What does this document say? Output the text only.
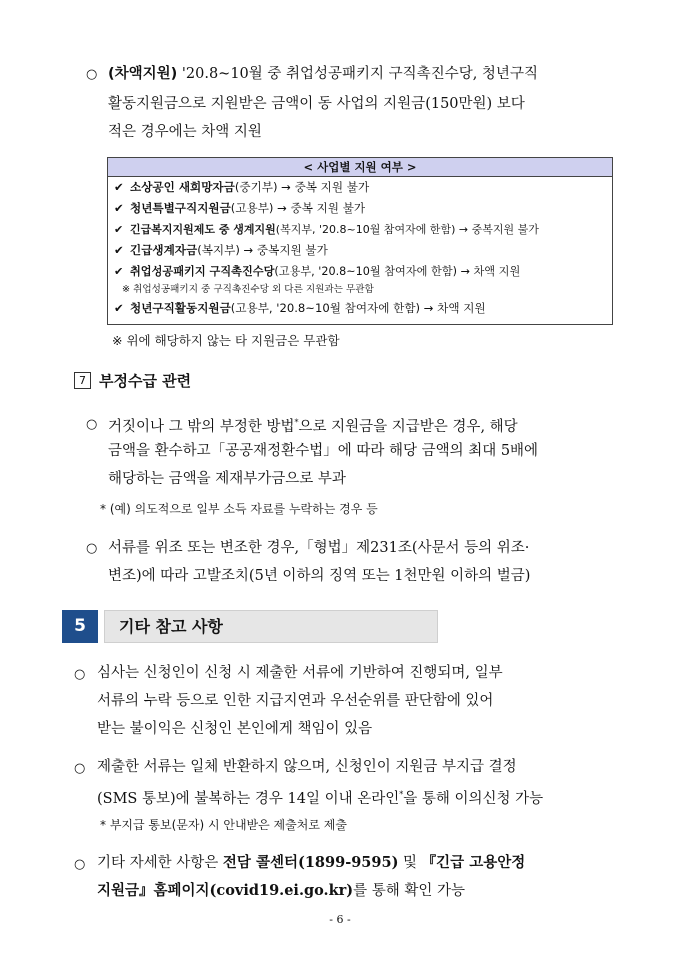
○ (차액지원) '20.8~10월 중 취업성공패키지 구직촉진수당, 청년구직
활동지원금으로 지원받은 금액이 동 사업의 지원금(150만원) 보다
적은 경우에는 차액 지원
< 사업별 지원 여부 >
✔ 소상공인 새희망자금(중기부) → 중복 지원 불가
✔ 청년특별구직지원금(고용부) → 중복 지원 불가
✔ 긴급복지지원제도 중 생계지원(복지부, '20.8~10월 참여자에 한함) → 중복지원 불가
✔ 긴급생계자금(복지부) → 중복지원 불가
✔ 취업성공패키지 구직촉진수당(고용부, '20.8~10월 참여자에 한함) → 차액 지원
※ 취업성공패키지 중 구직촉진수당 외 다른 지원과는 무관함
✔ 청년구직활동지원금(고용부, '20.8~10월 참여자에 한함) → 차액 지원
※ 위에 해당하지 않는 타 지원금은 무관함
7 부정수급 관련
○ 거짓이나 그 밖의 부정한 방법*으로 지원금을 지급받은 경우, 해당
금액을 환수하고「공공재정환수법」에 따라 해당 금액의 최대 5배에
해당하는 금액을 제재부가금으로 부과
* (예) 의도적으로 일부 소득 자료를 누락하는 경우 등
○ 서류를 위조 또는 변조한 경우,「형법」제231조(사문서 등의 위조·
변조)에 따라 고발조치(5년 이하의 징역 또는 1천만원 이하의 벌금)
5	기타 참고 사항
○ 심사는 신청인이 신청 시 제출한 서류에 기반하여 진행되며, 일부
서류의 누락 등으로 인한 지급지연과 우선순위를 판단함에 있어
받는 불이익은 신청인 본인에게 책임이 있음
○ 제출한 서류는 일체 반환하지 않으며, 신청인이 지원금 부지급 결정
(SMS 통보)에 불복하는 경우 14일 이내 온라인*을 통해 이의신청 가능
* 부지급 통보(문자) 시 안내받은 제출처로 제출
○ 기타 자세한 사항은 전담 콜센터(1899-9595) 및 『긴급 고용안정
지원금』홈페이지(covid19.ei.go.kr)를 통해 확인 가능
- 6 -
